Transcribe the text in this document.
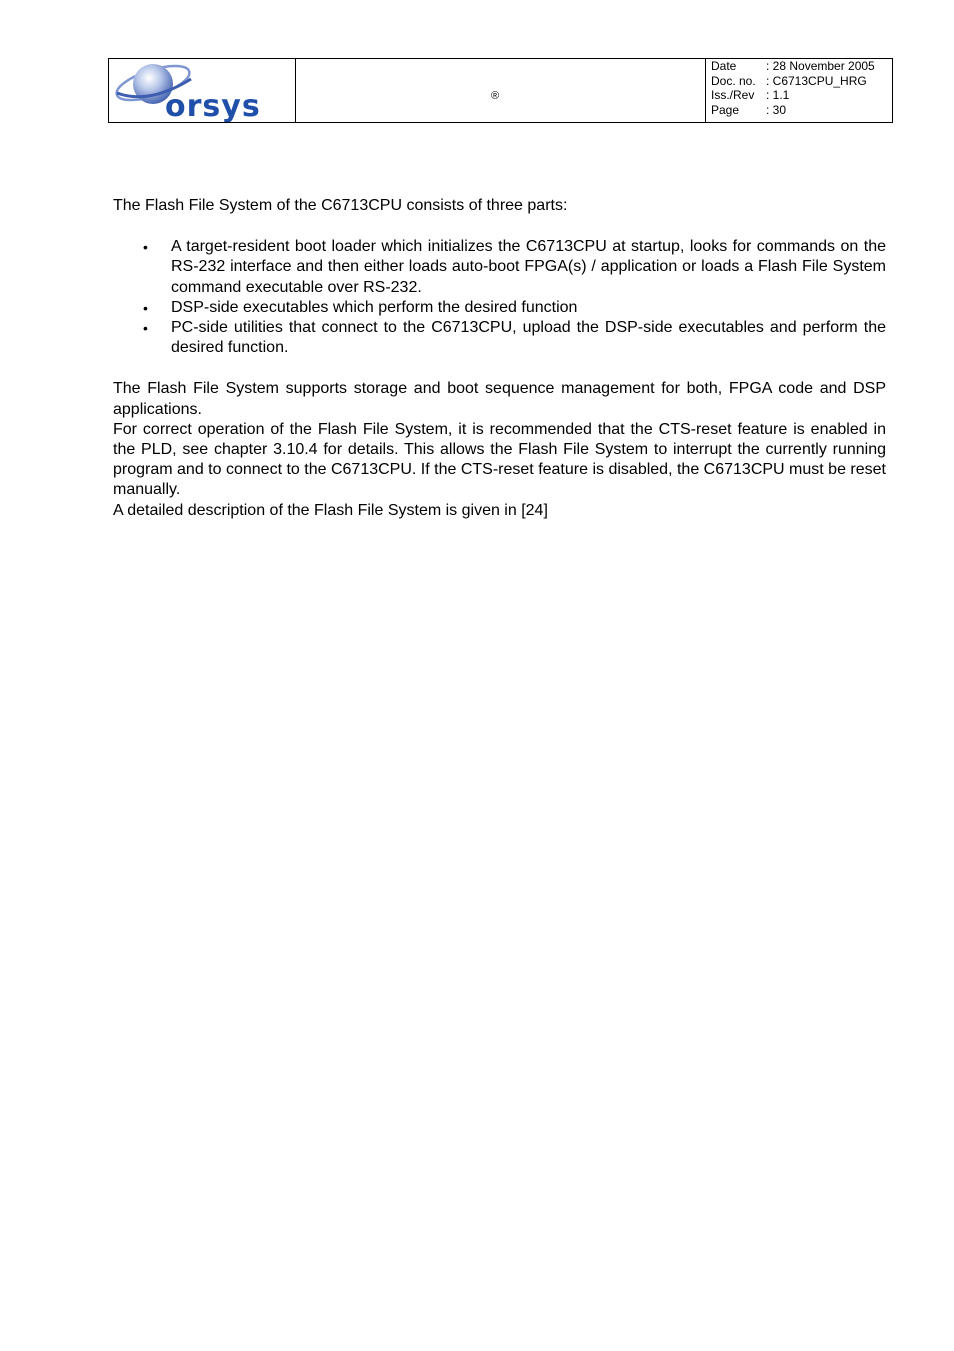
orsys	®
Date	: 28 November 2005
Doc. no. : C6713CPU_HRG
Iss./Rev : 1.1
Page	: 30

The Flash File System of the C6713CPU consists of three parts:

• A target-resident boot loader which initializes the C6713CPU at startup, looks for commands on the RS-232 interface and then either loads auto-boot FPGA(s) / application or loads a Flash File System command executable over RS-232.
• DSP-side executables which perform the desired function
• PC-side utilities that connect to the C6713CPU, upload the DSP-side executables and perform the desired function.

The Flash File System supports storage and boot sequence management for both, FPGA code and DSP applications.

For correct operation of the Flash File System, it is recommended that the CTS-reset feature is enabled in the PLD, see chapter 3.10.4 for details. This allows the Flash File System to interrupt the currently running program and to connect to the C6713CPU. If the CTS-reset feature is disabled, the C6713CPU must be reset manually.

A detailed description of the Flash File System is given in [24]
